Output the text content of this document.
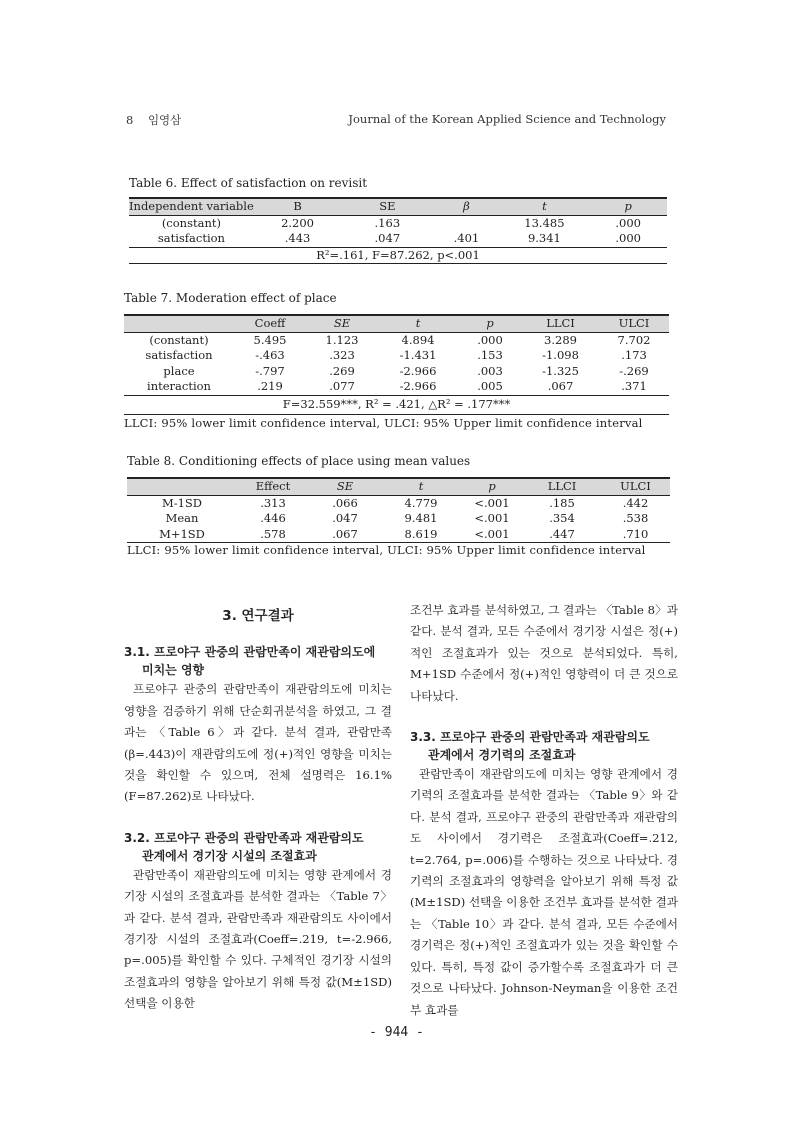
8 임영삼	Journal of the Korean Applied Science and Technology
Table 6. Effect of satisfaction on revisit
Independent variable	B	SE	β	t	p
(constant)	2.200	.163		13.485	.000
satisfaction	.443	.047	.401	9.341	.000
R²=.161, F=87.262, p<.001					
Table 7. Moderation effect of place
	Coeff	SE	t	p	LLCI	ULCI
(constant)	5.495	1.123	4.894	.000	3.289	7.702
satisfaction	-.463	.323	-1.431	.153	-1.098	.173
place	-.797	.269	-2.966	.003	-1.325	-.269
interaction	.219	.077	-2.966	.005	.067	.371
F=32.559***, R² = .421, △R² = .177***						
LLCI: 95% lower limit confidence interval, ULCI: 95% Upper limit confidence interval
Table 8. Conditioning effects of place using mean values
	Effect	SE	t	p	LLCI	ULCI
M-1SD	.313	.066	4.779	<.001	.185	.442
Mean	.446	.047	9.481	<.001	.354	.538
M+1SD	.578	.067	8.619	<.001	.447	.710
LLCI: 95% lower limit confidence interval, ULCI: 95% Upper limit confidence interval
3. 연구결과
3.1. 프로야구 관중의 관람만족이 재관람의도에
미치는 영향

프로야구 관중의 관람만족이 재관람의도에 미치는 영향을 검증하기 위해 단순회귀분석을 하였고, 그 결과는 〈Table 6〉과 같다. 분석 결과, 관람만족(β=.443)이 재관람의도에 정(+)적인 영향을 미치는 것을 확인할 수 있으며, 전체 설명력은 16.1%(F=87.262)로 나타났다.

3.2. 프로야구 관중의 관람만족과 재관람의도
관계에서 경기장 시설의 조절효과

관람만족이 재관람의도에 미치는 영향 관계에서 경기장 시설의 조절효과를 분석한 결과는 〈Table 7〉과 같다. 분석 결과, 관람만족과 재관람의도 사이에서 경기장 시설의 조절효과(Coeff=.219, t=-2.966, p=.005)를 확인할 수 있다. 구체적인 경기장 시설의 조절효과의 영향을 알아보기 위해 특정 값(M±1SD) 선택을 이용한

조건부 효과를 분석하였고, 그 결과는 〈Table 8〉과 같다. 분석 결과, 모든 수준에서 경기장 시설은 정(+)적인 조절효과가 있는 것으로 분석되었다. 특히, M+1SD 수준에서 정(+)적인 영향력이 더 큰 것으로 나타났다.

3.3. 프로야구 관중의 관람만족과 재관람의도
관계에서 경기력의 조절효과

관람만족이 재관람의도에 미치는 영향 관계에서 경기력의 조절효과를 분석한 결과는 〈Table 9〉와 같다. 분석 결과, 프로야구 관중의 관람만족과 재관람의도 사이에서 경기력은 조절효과(Coeff=.212, t=2.764, p=.006)를 수행하는 것으로 나타났다. 경기력의 조절효과의 영향력을 알아보기 위해 특정 값(M±1SD) 선택을 이용한 조건부 효과를 분석한 결과는 〈Table 10〉과 같다. 분석 결과, 모든 수준에서 경기력은 정(+)적인 조절효과가 있는 것을 확인할 수 있다. 특히, 특정 값이 증가할수록 조절효과가 더 큰 것으로 나타났다. Johnson-Neyman을 이용한 조건부 효과를

- 944 -
